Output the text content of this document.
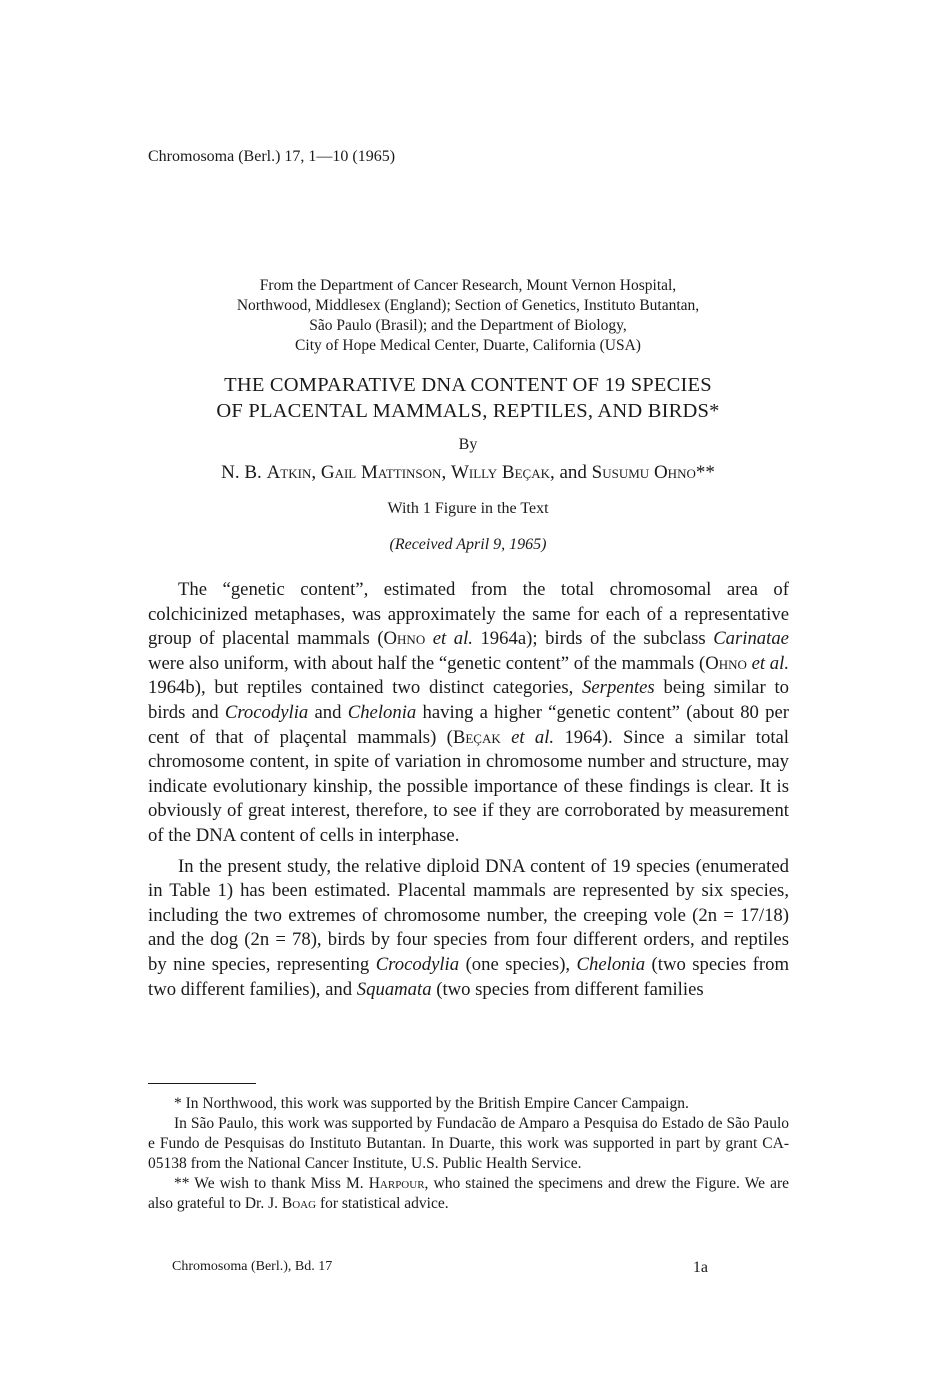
Chromosoma (Berl.) 17, 1—10 (1965)
From the Department of Cancer Research, Mount Vernon Hospital,
Northwood, Middlesex (England); Section of Genetics, Instituto Butantan,
São Paulo (Brasil); and the Department of Biology,
City of Hope Medical Center, Duarte, California (USA)
THE COMPARATIVE DNA CONTENT OF 19 SPECIES
OF PLACENTAL MAMMALS, REPTILES, AND BIRDS*
By
N. B. Atkin, Gail Mattinson, Willy Beçak, and Susumu Ohno**
With 1 Figure in the Text
(Received April 9, 1965)

The “genetic content”, estimated from the total chromosomal area of colchicinized metaphases, was approximately the same for each of a representative group of placental mammals (Ohno et al. 1964a); birds of the subclass Carinatae were also uniform, with about half the “genetic content” of the mammals (Ohno et al. 1964b), but reptiles contained two distinct categories, Serpentes being similar to birds and Crocodylia and Chelonia having a higher “genetic content” (about 80 per cent of that of plaçental mammals) (Beçak et al. 1964). Since a similar total chromosome content, in spite of variation in chromosome number and structure, may indicate evolutionary kinship, the possible importance of these findings is clear. It is obviously of great interest, therefore, to see if they are corroborated by measurement of the DNA content of cells in interphase.

In the present study, the relative diploid DNA content of 19 species (enumerated in Table 1) has been estimated. Placental mammals are represented by six species, including the two extremes of chromosome number, the creeping vole (2n = 17/18) and the dog (2n = 78), birds by four species from four different orders, and reptiles by nine species, representing Crocodylia (one species), Chelonia (two species from two different families), and Squamata (two species from different families

* In Northwood, this work was supported by the British Empire Cancer Campaign.

In São Paulo, this work was supported by Fundacão de Amparo a Pesquisa do Estado de São Paulo e Fundo de Pesquisas do Instituto Butantan. In Duarte, this work was supported in part by grant CA-05138 from the National Cancer Institute, U.S. Public Health Service.

** We wish to thank Miss M. Harpour, who stained the specimens and drew the Figure. We are also grateful to Dr. J. Boag for statistical advice.

Chromosoma (Berl.), Bd. 17	1a
